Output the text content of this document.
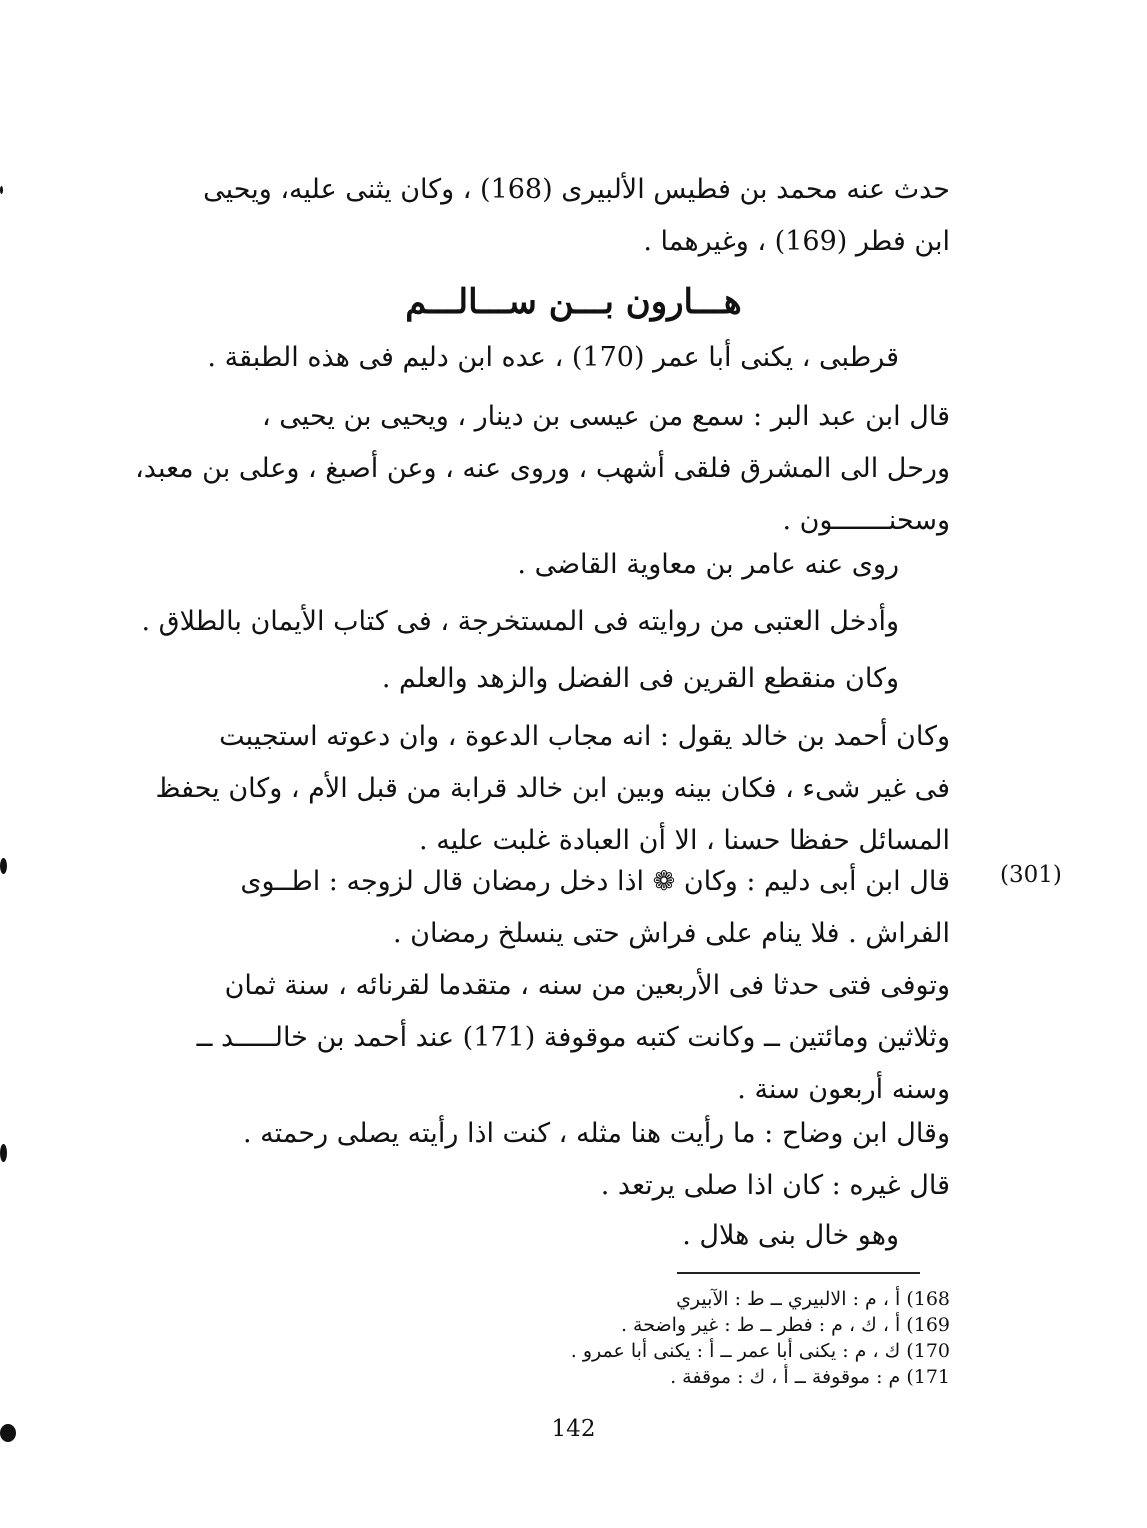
حدث عنه محمد بن فطيس الألبيرى (168) ، وكان يثنى عليه، ويحيى
ابن فطر (169) ، وغيرهما .
هـــارون بـــن ســـالـــم
قرطبى ، يكنى أبا عمر (170) ، عده ابن دليم فى هذه الطبقة .
قال ابن عبد البر : سمع من عيسى بن دينار ، ويحيى بن يحيى ،
ورحل الى المشرق فلقى أشهب ، وروى عنه ، وعن أصبغ ، وعلى بن معبد،
وسحنـــــــون .
روى عنه عامر بن معاوية القاضى .
وأدخل العتبى من روايته فى المستخرجة ، فى كتاب الأيمان بالطلاق .
وكان منقطع القرين فى الفضل والزهد والعلم .
وكان أحمد بن خالد يقول : انه مجاب الدعوة ، وان دعوته استجيبت
فى غير شىء ، فكان بينه وبين ابن خالد قرابة من قبل الأم ، وكان يحفظ
المسائل حفظا حسنا ، الا أن العبادة غلبت عليه .
(301)
قال ابن أبى دليم : وكان ❁ اذا دخل رمضان قال لزوجه : اطــوى
الفراش . فلا ينام على فراش حتى ينسلخ رمضان .
وتوفى فتى حدثا فى الأربعين من سنه ، متقدما لقرنائه ، سنة ثمان
وثلاثين ومائتين ــ وكانت كتبه موقوفة (171) عند أحمد بن خالـــــد ــ
وسنه أربعون سنة .
وقال ابن وضاح : ما رأيت هنا مثله ، كنت اذا رأيته يصلى رحمته .
قال غيره : كان اذا صلى يرتعد .
وهو خال بنى هلال .
168) أ ، م : الالبيري ــ ط : الآبيري
169) أ ، ك ، م : فطر ــ ط : غير واضحة .
170) ك ، م : يكنى أبا عمر ــ أ : يكنى أبا عمرو .
171) م : موقوفة ــ أ ، ك : موقفة .
142
